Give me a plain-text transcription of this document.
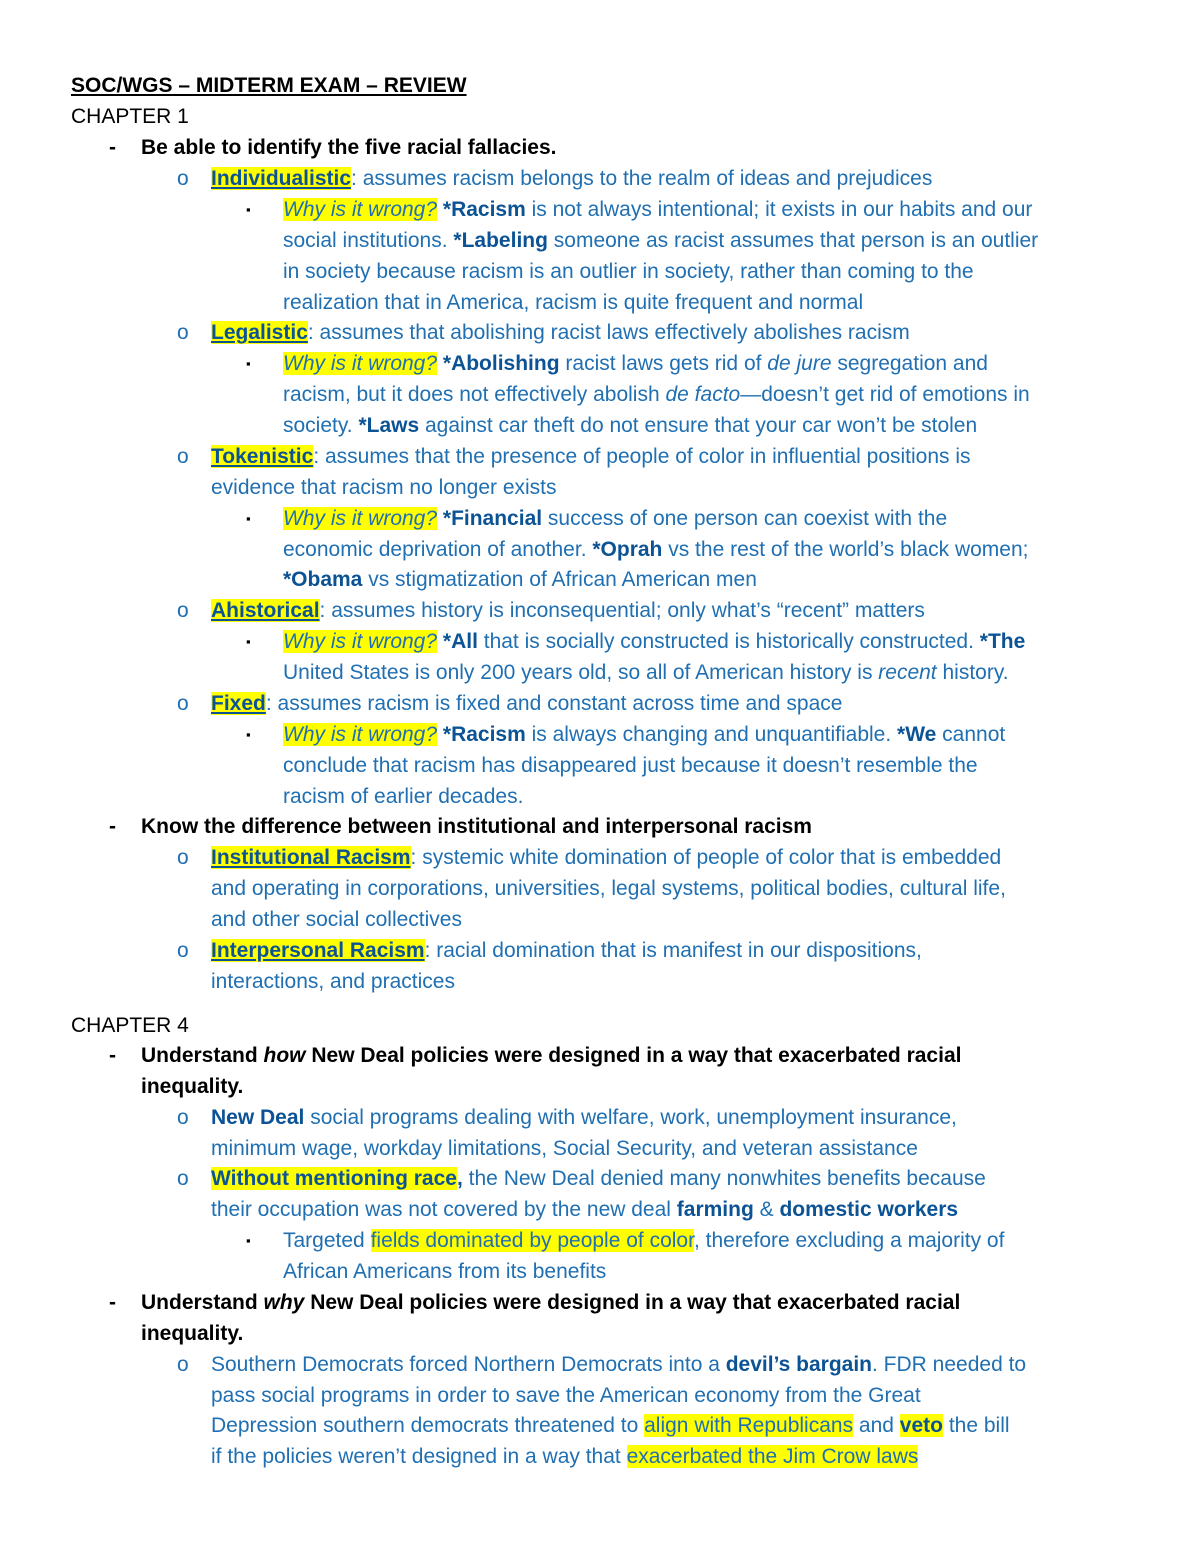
SOC/WGS – MIDTERM EXAM – REVIEW
CHAPTER 1
- Be able to identify the five racial fallacies.
o Individualistic: assumes racism belongs to the realm of ideas and prejudices
▪ Why is it wrong? *Racism is not always intentional; it exists in our habits and our
social institutions. *Labeling someone as racist assumes that person is an outlier
in society because racism is an outlier in society, rather than coming to the
realization that in America, racism is quite frequent and normal
o Legalistic: assumes that abolishing racist laws effectively abolishes racism
▪ Why is it wrong? *Abolishing racist laws gets rid of de jure segregation and
racism, but it does not effectively abolish de facto—doesn’t get rid of emotions in
society. *Laws against car theft do not ensure that your car won’t be stolen
o Tokenistic: assumes that the presence of people of color in influential positions is
evidence that racism no longer exists
▪ Why is it wrong? *Financial success of one person can coexist with the
economic deprivation of another. *Oprah vs the rest of the world’s black women;
*Obama vs stigmatization of African American men
o Ahistorical: assumes history is inconsequential; only what’s “recent” matters
▪ Why is it wrong? *All that is socially constructed is historically constructed. *The
United States is only 200 years old, so all of American history is recent history.
o Fixed: assumes racism is fixed and constant across time and space
▪ Why is it wrong? *Racism is always changing and unquantifiable. *We cannot
conclude that racism has disappeared just because it doesn’t resemble the
racism of earlier decades.
- Know the difference between institutional and interpersonal racism
o Institutional Racism: systemic white domination of people of color that is embedded
and operating in corporations, universities, legal systems, political bodies, cultural life,
and other social collectives
o Interpersonal Racism: racial domination that is manifest in our dispositions,
interactions, and practices
CHAPTER 4
- Understand how New Deal policies were designed in a way that exacerbated racial
inequality.
o New Deal social programs dealing with welfare, work, unemployment insurance,
minimum wage, workday limitations, Social Security, and veteran assistance
o Without mentioning race, the New Deal denied many nonwhites benefits because
their occupation was not covered by the new deal farming & domestic workers
▪ Targeted fields dominated by people of color, therefore excluding a majority of
African Americans from its benefits
- Understand why New Deal policies were designed in a way that exacerbated racial
inequality.
o Southern Democrats forced Northern Democrats into a devil’s bargain. FDR needed to
pass social programs in order to save the American economy from the Great
Depression southern democrats threatened to align with Republicans and veto the bill
if the policies weren’t designed in a way that exacerbated the Jim Crow laws
